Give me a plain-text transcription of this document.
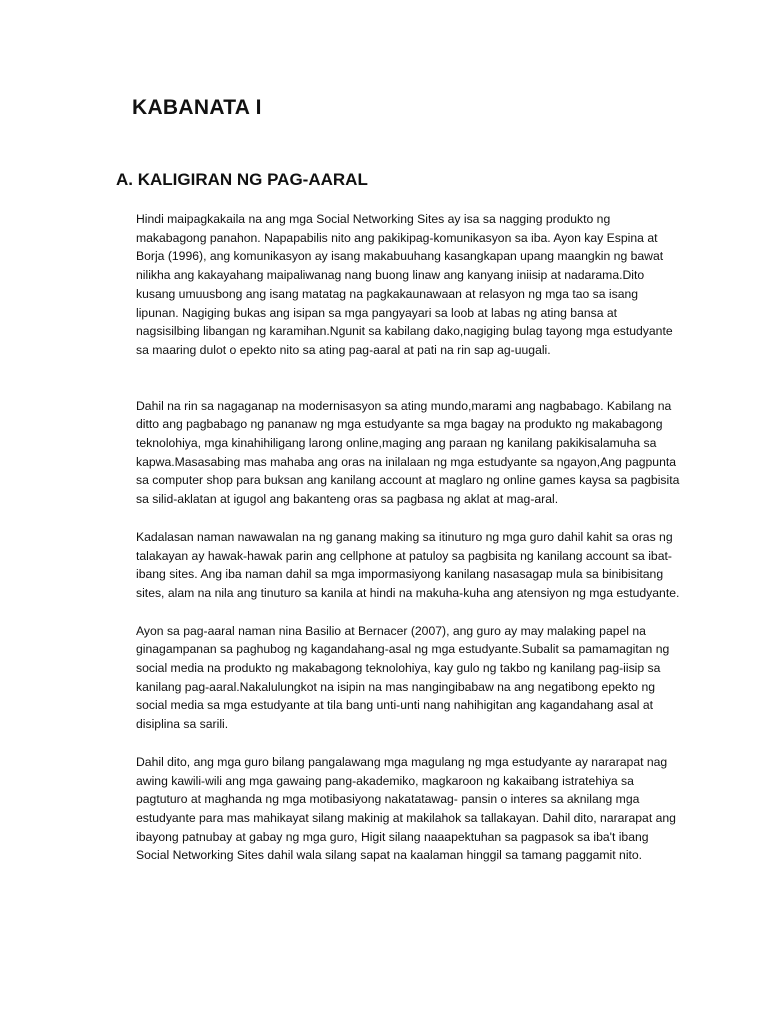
KABANATA I
A. KALIGIRAN NG PAG-AARAL

Hindi maipagkakaila na ang mga Social Networking Sites ay isa sa nagging produkto ng makabagong panahon. Napapabilis nito ang pakikipag-komunikasyon sa iba. Ayon kay Espina at Borja (1996), ang komunikasyon ay isang makabuuhang kasangkapan upang maangkin ng bawat nilikha ang kakayahang maipaliwanag nang buong linaw ang kanyang iniisip at nadarama.Dito kusang umuusbong ang isang matatag na pagkakaunawaan at relasyon ng mga tao sa isang lipunan. Nagiging bukas ang isipan sa mga pangyayari sa loob at labas ng ating bansa at nagsisilbing libangan ng karamihan.Ngunit sa kabilang dako,nagiging bulag tayong mga estudyante sa maaring dulot o epekto nito sa ating pag-aaral at pati na rin sap ag-uugali.

Dahil na rin sa nagaganap na modernisasyon sa ating mundo,marami ang nagbabago. Kabilang na ditto ang pagbabago ng pananaw ng mga estudyante sa mga bagay na produkto ng makabagong teknolohiya, mga kinahihiligang larong online,maging ang paraan ng kanilang pakikisalamuha sa kapwa.Masasabing mas mahaba ang oras na inilalaan ng mga estudyante sa ngayon,Ang pagpunta sa computer shop para buksan ang kanilang account at maglaro ng online games kaysa sa pagbisita sa silid-aklatan at igugol ang bakanteng oras sa pagbasa ng aklat at mag-aral.

Kadalasan naman nawawalan na ng ganang making sa itinuturo ng mga guro dahil kahit sa oras ng talakayan ay hawak-hawak parin ang cellphone at patuloy sa pagbisita ng kanilang account sa ibat-ibang sites. Ang iba naman dahil sa mga impormasiyong kanilang nasasagap mula sa binibisitang sites, alam na nila ang tinuturo sa kanila at hindi na makuha-kuha ang atensiyon ng mga estudyante.

Ayon sa pag-aaral naman nina Basilio at Bernacer (2007), ang guro ay may malaking papel na ginagampanan sa paghubog ng kagandahang-asal ng mga estudyante.Subalit sa pamamagitan ng social media na produkto ng makabagong teknolohiya, kay gulo ng takbo ng kanilang pag-iisip sa kanilang pag-aaral.Nakalulungkot na isipin na mas nangingibabaw na ang negatibong epekto ng social media sa mga estudyante at tila bang unti-unti nang nahihigitan ang kagandahang asal at disiplina sa sarili.

Dahil dito, ang mga guro bilang pangalawang mga magulang ng mga estudyante ay nararapat nag awing kawili-wili ang mga gawaing pang-akademiko, magkaroon ng kakaibang istratehiya sa pagtuturo at maghanda ng mga motibasiyong nakatatawag- pansin o interes sa aknilang mga estudyante para mas mahikayat silang makinig at makilahok sa tallakayan. Dahil dito, nararapat ang ibayong patnubay at gabay ng mga guro, Higit silang naaapektuhan sa pagpasok sa iba't ibang Social Networking Sites dahil wala silang sapat na kaalaman hinggil sa tamang paggamit nito.
